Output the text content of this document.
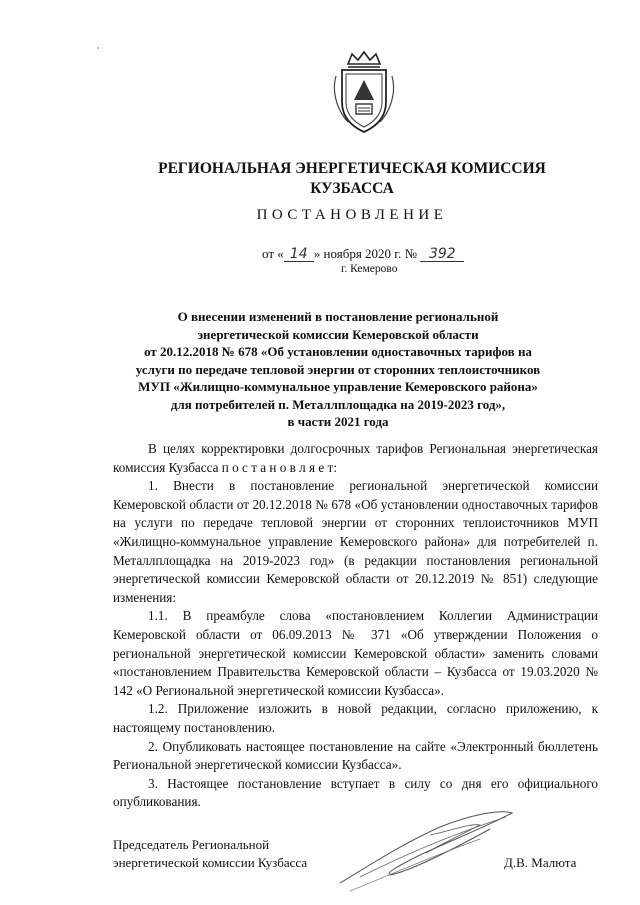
РЕГИОНАЛЬНАЯ ЭНЕРГЕТИЧЕСКАЯ КОМИССИЯ
КУЗБАССА
ПОСТАНОВЛЕНИЕ
от « 14 » ноября 2020 г. № 392
г. Кемерово
О внесении изменений в постановление региональной
энергетической комиссии Кемеровской области
от 20.12.2018 № 678 «Об установлении одноставочных тарифов на
услуги по передаче тепловой энергии от сторонних теплоисточников
МУП «Жилищно-коммунальное управление Кемеровского района»
для потребителей п. Металлплощадка на 2019-2023 год»,
в части 2021 года

В целях корректировки долгосрочных тарифов Региональная энергетическая комиссия Кузбасса п о с т а н о в л я е т:

1. Внести в постановление региональной энергетической комиссии Кемеровской области от 20.12.2018 № 678 «Об установлении одноставочных тарифов на услуги по передаче тепловой энергии от сторонних теплоисточников МУП «Жилищно-коммунальное управление Кемеровского района» для потребителей п. Металлплощадка на 2019-2023 год» (в редакции постановления региональной энергетической комиссии Кемеровской области от 20.12.2019 № 851) следующие изменения:

1.1. В преамбуле слова «постановлением Коллегии Администрации Кемеровской области от 06.09.2013 № 371 «Об утверждении Положения о региональной энергетической комиссии Кемеровской области» заменить словами «постановлением Правительства Кемеровской области – Кузбасса от 19.03.2020 № 142 «О Региональной энергетической комиссии Кузбасса».

1.2. Приложение изложить в новой редакции, согласно приложению, к настоящему постановлению.

2. Опубликовать настоящее постановление на сайте «Электронный бюллетень Региональной энергетической комиссии Кузбасса».

3. Настоящее постановление вступает в силу со дня его официального опубликования.

Председатель Региональной
энергетической комиссии Кузбасса	Д.В. Малюта
